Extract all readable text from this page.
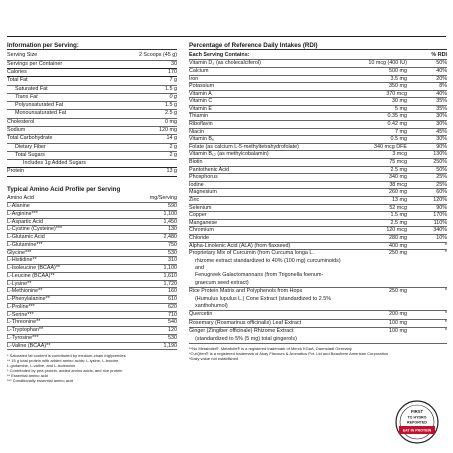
Information per Serving:
Serving Size	2 Scoops (45 g)
Servings per Container	30
Calories	170
Total Fat	7 g
Saturated Fat	1.5 g
Trans Fat	0 g
Polyunsaturated Fat	1.5 g
Monounsaturated Fat	2.5 g
Cholesterol	0 mg
Sodium	120 mg
Total Carbohydrate	14 g
Dietary Fiber	2 g
Total Sugars	2 g
Includes 1g Added Sugars
Protein	13 g
Typical Amino Acid Profile per Serving
Amino Acid	mg/Serving
L-Alanine	590
L-Arginine***	1,100
L-Aspartic Acid	1,450
L-Cystine (Cysteine)***	130
L-Glutamic Acid	2,480
L-Glutamine***	750
Glycine***	530
L-Histidine**	310
L-Isoleucine (BCAA)**	1,100
L-Leucine (BCAA)**	1,610
L-Lysine**	1,720
L-Methionine**	160
L-Phenylalanine**	610
L-Proline***	620
L-Serine***	710
L-Threonine**	540
L-Tryptophan**	120
L-Tyrosine***	530
L-Valine (BCAA)**	1,190
* Saturated fat content is contributed by medium-chain triglycerides
** 15 g total protein with added amino acids: L-lysine, L-leucine,
L-glutamine, L-valine, and L-isoleucine
* Contributed by pea protein, added amino acids, and rice protein
** Essential amino acid
*** Conditionally essential amino acid
Percentage of Reference Daily Intakes (RDI)
Each Serving Contains:	% RDI
Vitamin D₃ (as cholecalciferol)	10 mcg (400 IU)	50%
Calcium	500 mg	40%
Iron	3.5 mg	20%
Potassium	350 mg	8%
Vitamin A	370 mcg	40%
Vitamin C	30 mg	35%
Vitamin E	5 mg	35%
Thiamin	0.35 mg	30%
Riboflavin	0.42 mg	30%
Niacin	7 mg	45%
Vitamin B₆	0.5 mg	30%
Folate (as calcium L-5-methyltetrahydrofolate)	340 mcg DFE	90%
Vitamin B₁₂ (as methylcobalamin)	3 mcg	130%
Biotin	75 mcg	250%
Pantothenic Acid	2.5 mg	50%
Phosphorus	340 mg	25%
Iodine	38 mcg	25%
Magnesium	260 mg	60%
Zinc	13 mg	120%
Selenium	52 mcg	90%
Copper	1.5 mg	170%
Manganese	2.5 mg	110%
Chromium	120 mcg	340%
Chloride	280 mg	10%
Alpha-Linolenic Acid (ALA) (from flaxseed)	400 mg	*
Proprietary Mix of Curcumin (from Curcuma longa L.
rhizome extract standardized to 40% (100 mg) curcuminoids) and
Fenugreek Galactomannans (from Trigonella foenum-graecum seed extract)
250 mg	*
Rice Protein Matrix and Polyphenols from Hops
(Humulus lupulus L.) Cone Extract (standardized to 2.5% xanthohumol)
250 mg	*
Quercetin	200 mg	*
Rosemary (Rosmarinus officinalis) Leaf Extract	100 mg	*
Ginger (Zingiber officinale) Rhizome Extract
(standardized to 5% (5 mg) total gingerols)
100 mg	*
**No Metabolin®. Metafolin® is a registered trademark of Merck KGaA, Darmstadt Germany
*CurQfen® is a registered trademark of Akay Flavours & Aromatics Pvt. Ltd and Beaufrere American Corporation
*Daily value not established
FIRST
TO HYDRO
REPORTED
EAT IN PROTEIN
